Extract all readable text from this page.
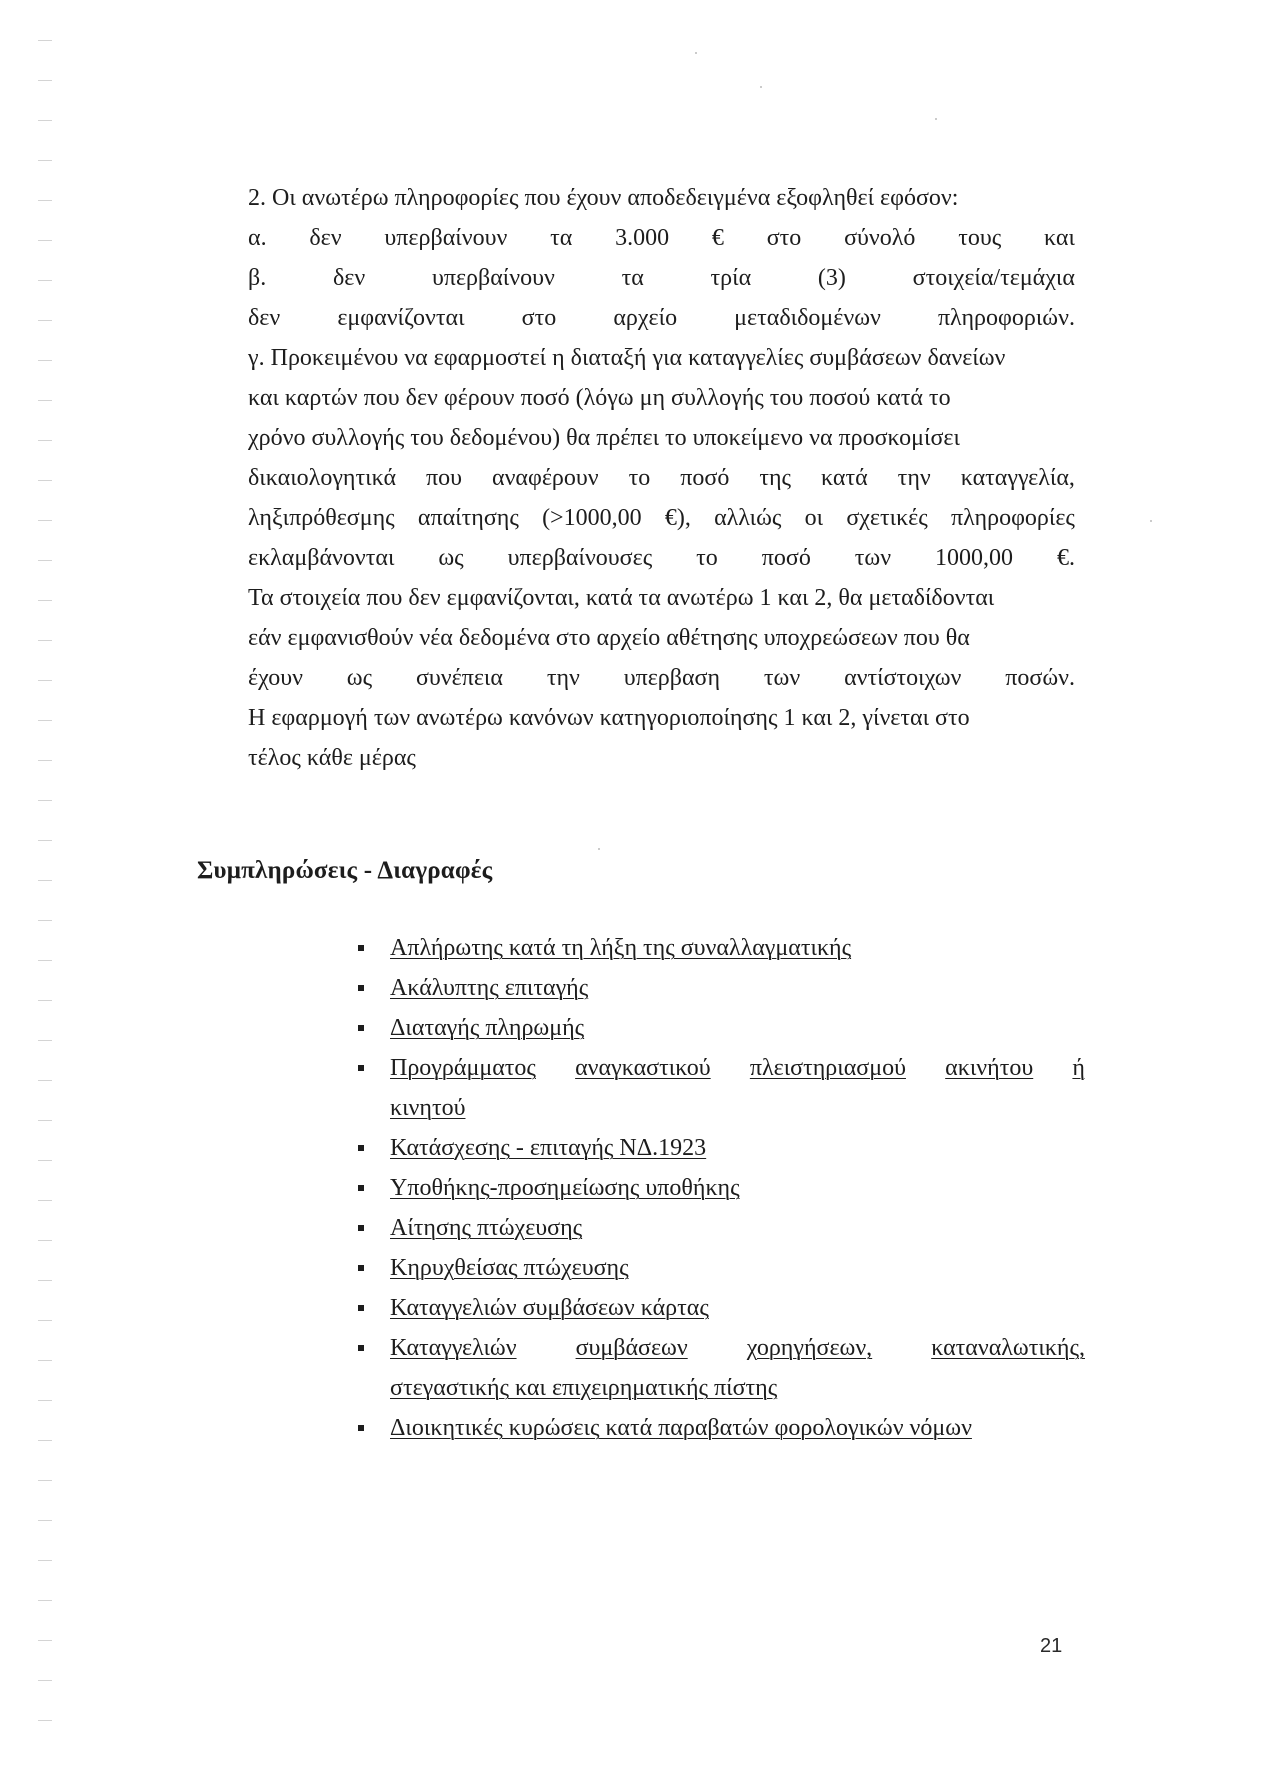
2. Οι ανωτέρω πληροφορίες που έχουν αποδεδειγμένα εξοφληθεί εφόσον:
α. δεν υπερβαίνουν τα 3.000 € στο σύνολό τους και
β.	δεν	υπερβαίνουν	τα	τρία	(3)	στοιχεία/τεμάχια
δεν εμφανίζονται στο αρχείο μεταδιδομένων πληροφοριών.
γ. Προκειμένου να εφαρμοστεί η διαταξή για καταγγελίες συμβάσεων δανείων
και καρτών που δεν φέρουν ποσό (λόγω μη συλλογής του ποσού κατά το
χρόνο συλλογής του δεδομένου) θα πρέπει το υποκείμενο να προσκομίσει
δικαιολογητικά που αναφέρουν το ποσό της κατά την καταγγελία,
ληξιπρόθεσμης απαίτησης (>1000,00 €), αλλιώς οι σχετικές πληροφορίες
εκλαμβάνονται ως υπερβαίνουσες το ποσό των 1000,00 €.
Τα στοιχεία που δεν εμφανίζονται, κατά τα ανωτέρω 1 και 2, θα μεταδίδονται
εάν εμφανισθούν νέα δεδομένα στο αρχείο αθέτησης υποχρεώσεων που θα
έχουν ως συνέπεια την υπερβαση των αντίστοιχων ποσών.
Η εφαρμογή των ανωτέρω κανόνων κατηγοριοποίησης 1 και 2, γίνεται στο
τέλος κάθε μέρας
Συμπληρώσεις - Διαγραφές
Απλήρωτης κατά τη λήξη της συναλλαγματικής
Ακάλυπτης επιταγής
Διαταγής πληρωμής
Προγράμματος αναγκαστικού πλειστηριασμού ακινήτου ή
κινητού
Κατάσχεσης - επιταγής ΝΔ.1923
Υποθήκης-προσημείωσης υποθήκης
Αίτησης πτώχευσης
Κηρυχθείσας πτώχευσης
Καταγγελιών συμβάσεων κάρτας
Καταγγελιών συμβάσεων χορηγήσεων, καταναλωτικής,
στεγαστικής και επιχειρηματικής πίστης
Διοικητικές κυρώσεις κατά παραβατών φορολογικών νόμων
21
